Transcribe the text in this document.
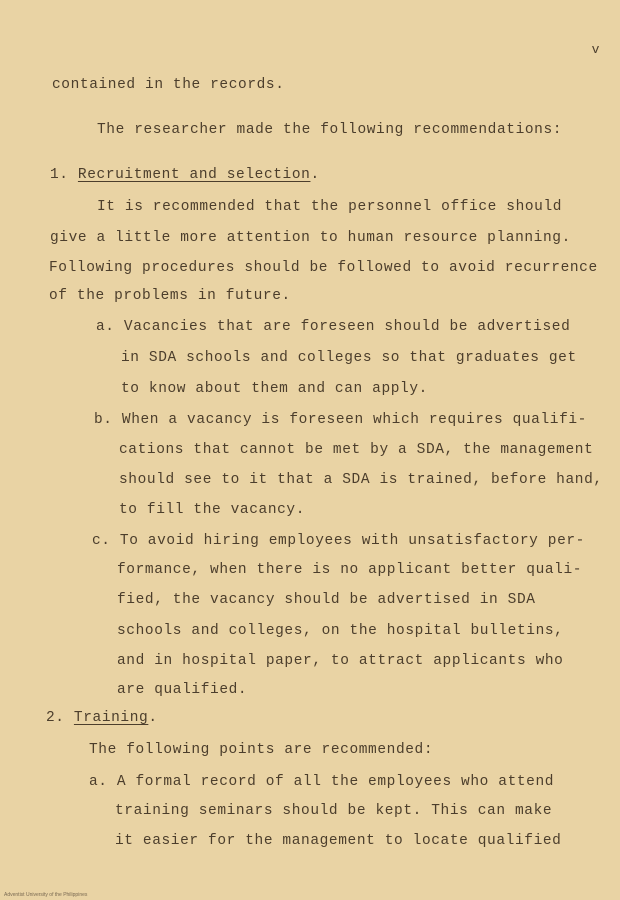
v
contained in the records.
The researcher made the following recommendations:
1. Recruitment and selection.
It is recommended that the personnel office should
give a little more attention to human resource planning.
Following procedures should be followed to avoid recurrence
of the problems in future.
a. Vacancies that are foreseen should be advertised
in SDA schools and colleges so that graduates get
to know about them and can apply.
b. When a vacancy is foreseen which requires qualifi-
cations that cannot be met by a SDA, the management
should see to it that a SDA is trained, before hand,
to fill the vacancy.
c. To avoid hiring employees with unsatisfactory per-
formance, when there is no applicant better quali-
fied, the vacancy should be advertised in SDA
schools and colleges, on the hospital bulletins,
and in hospital paper, to attract applicants who
are qualified.
2. Training.
The following points are recommended:
a. A formal record of all the employees who attend
training seminars should be kept. This can make
it easier for the management to locate qualified
Adventist University of the Philippines
